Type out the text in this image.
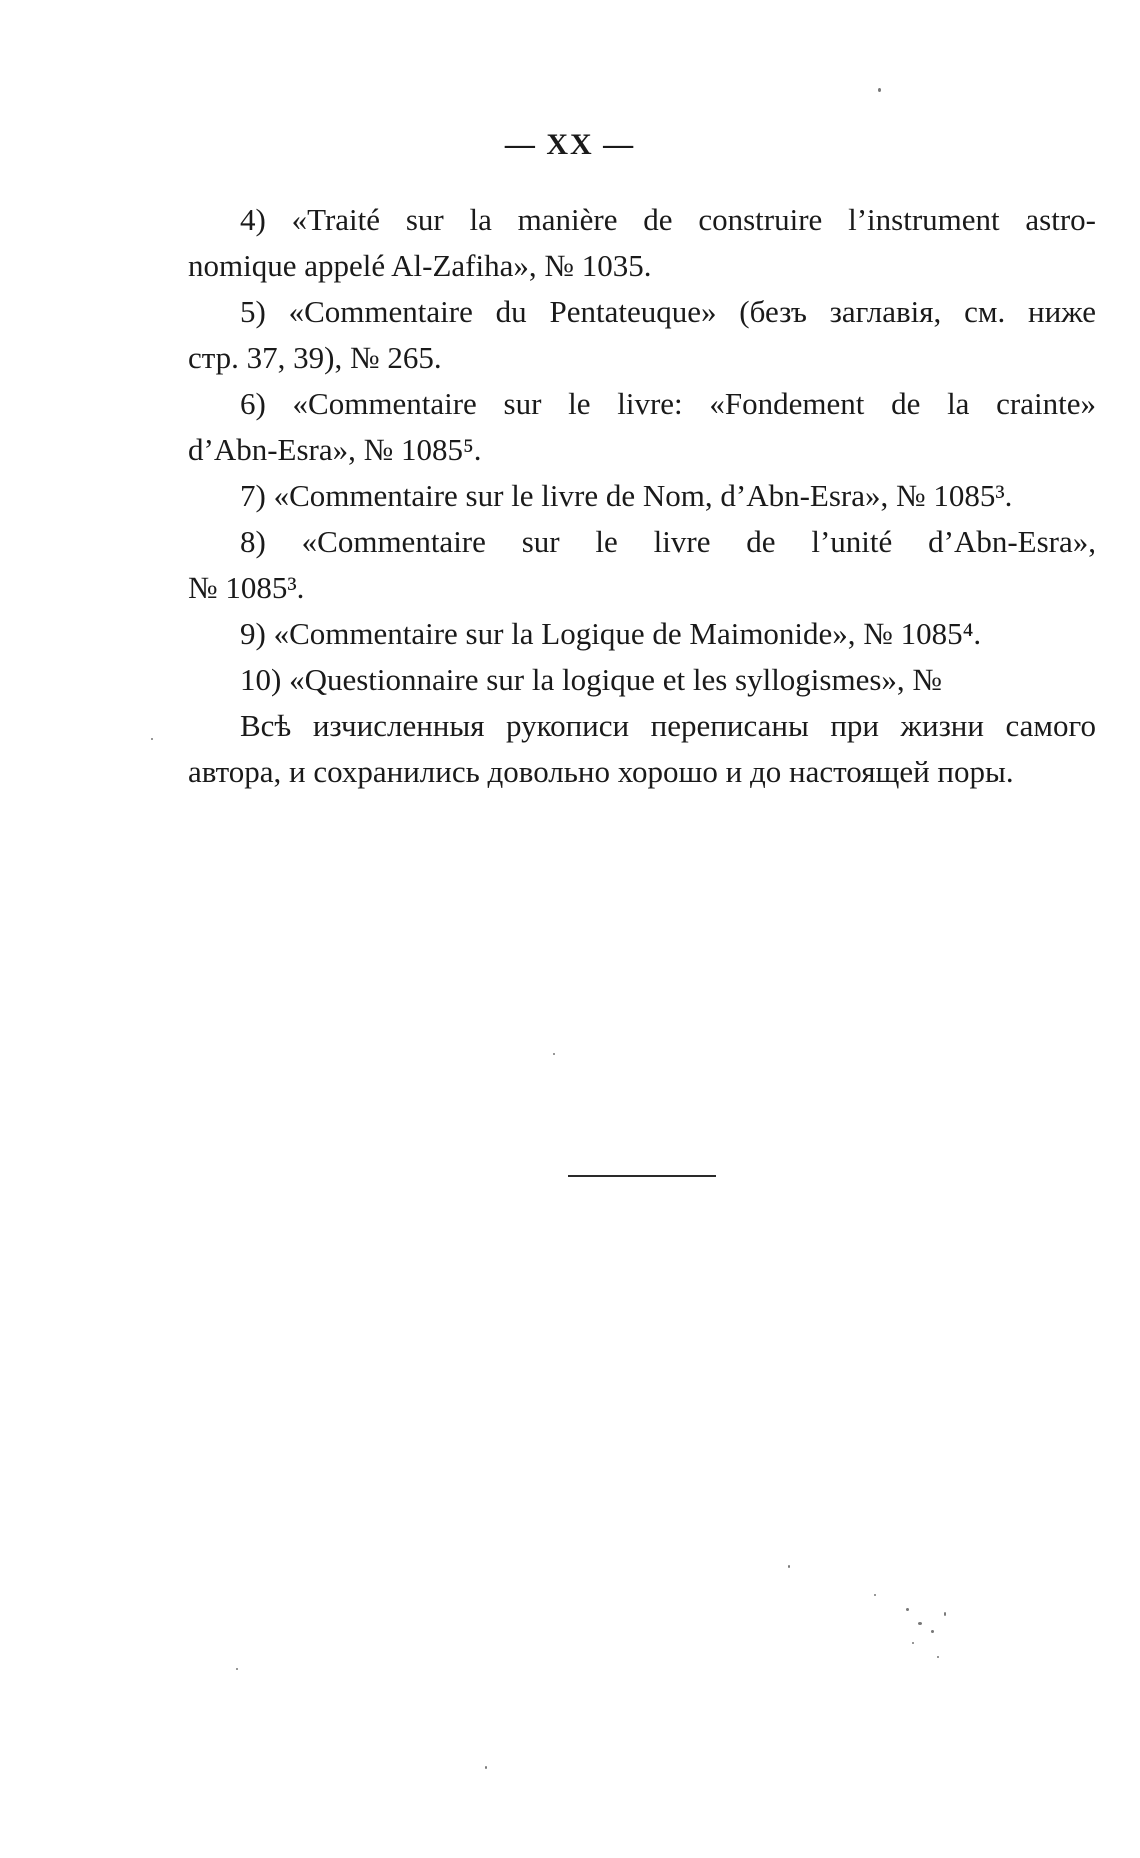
— XX —
4) «Traité sur la manière de construire l’instrument astro-
nomique appelé Al-Zafiha», № 1035.
5) «Commentaire du Pentateuque» (безъ заглавія, см. ниже
стр. 37, 39), № 265.
6) «Commentaire sur le livre: «Fondement de la crainte»
d’Abn-Esra», № 1085⁵.
7) «Commentaire sur le livre de Nom, d’Abn-Esra», № 1085³.
8) «Commentaire sur le livre de l’unité d’Abn-Esra»,
№ 1085³.
9) «Commentaire sur la Logique de Maimonide», № 1085⁴.
10) «Questionnaire sur la logique et les syllogismes», №
Всѣ изчисленныя рукописи переписаны при жизни самого
автора, и сохранились довольно хорошо и до настоящей поры.
